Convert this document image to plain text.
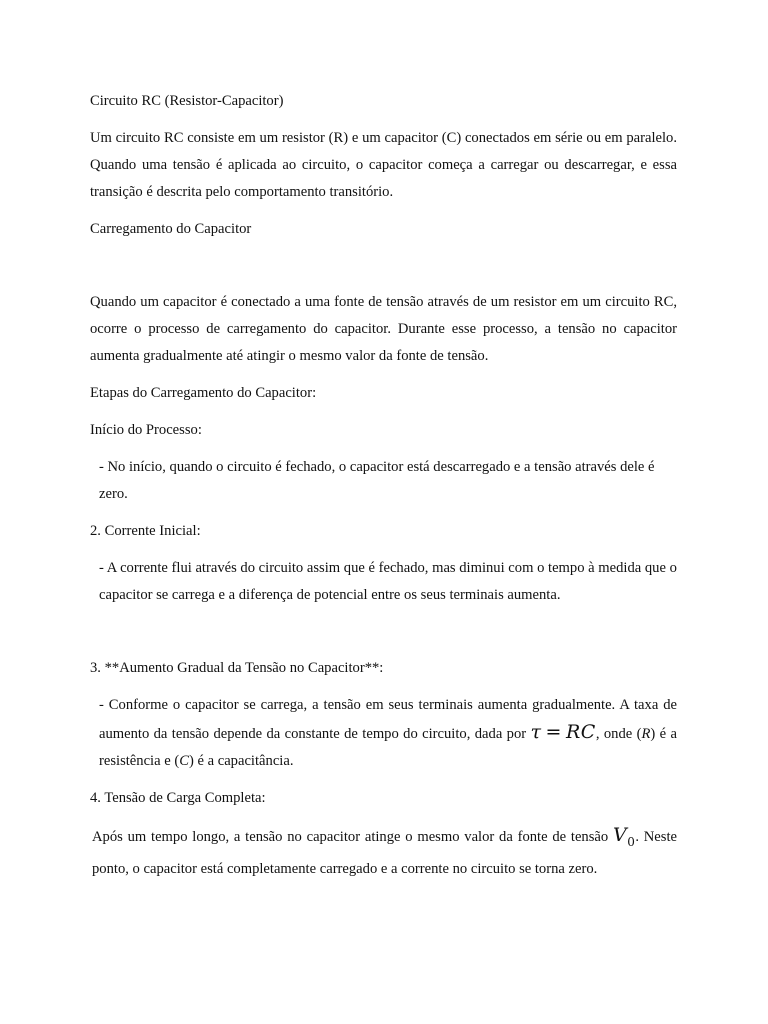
Circuito RC (Resistor-Capacitor)

Um circuito RC consiste em um resistor (R) e um capacitor (C) conectados em série ou em paralelo. Quando uma tensão é aplicada ao circuito, o capacitor começa a carregar ou descarregar, e essa transição é descrita pelo comportamento transitório.

Carregamento do Capacitor

Quando um capacitor é conectado a uma fonte de tensão através de um resistor em um circuito RC, ocorre o processo de carregamento do capacitor. Durante esse processo, a tensão no capacitor aumenta gradualmente até atingir o mesmo valor da fonte de tensão.

Etapas do Carregamento do Capacitor:

Início do Processo:

- No início, quando o circuito é fechado, o capacitor está descarregado e a tensão através dele é zero.

2. Corrente Inicial:

- A corrente flui através do circuito assim que é fechado, mas diminui com o tempo à medida que o capacitor se carrega e a diferença de potencial entre os seus terminais aumenta.

3. **Aumento Gradual da Tensão no Capacitor**:

- Conforme o capacitor se carrega, a tensão em seus terminais aumenta gradualmente. A taxa de aumento da tensão depende da constante de tempo do circuito, dada por τ = RC, onde (R) é a resistência e (C) é a capacitância.

4. Tensão de Carga Completa:

Após um tempo longo, a tensão no capacitor atinge o mesmo valor da fonte de tensão $V_0$. Neste ponto, o capacitor está completamente carregado e a corrente no circuito se torna zero.
